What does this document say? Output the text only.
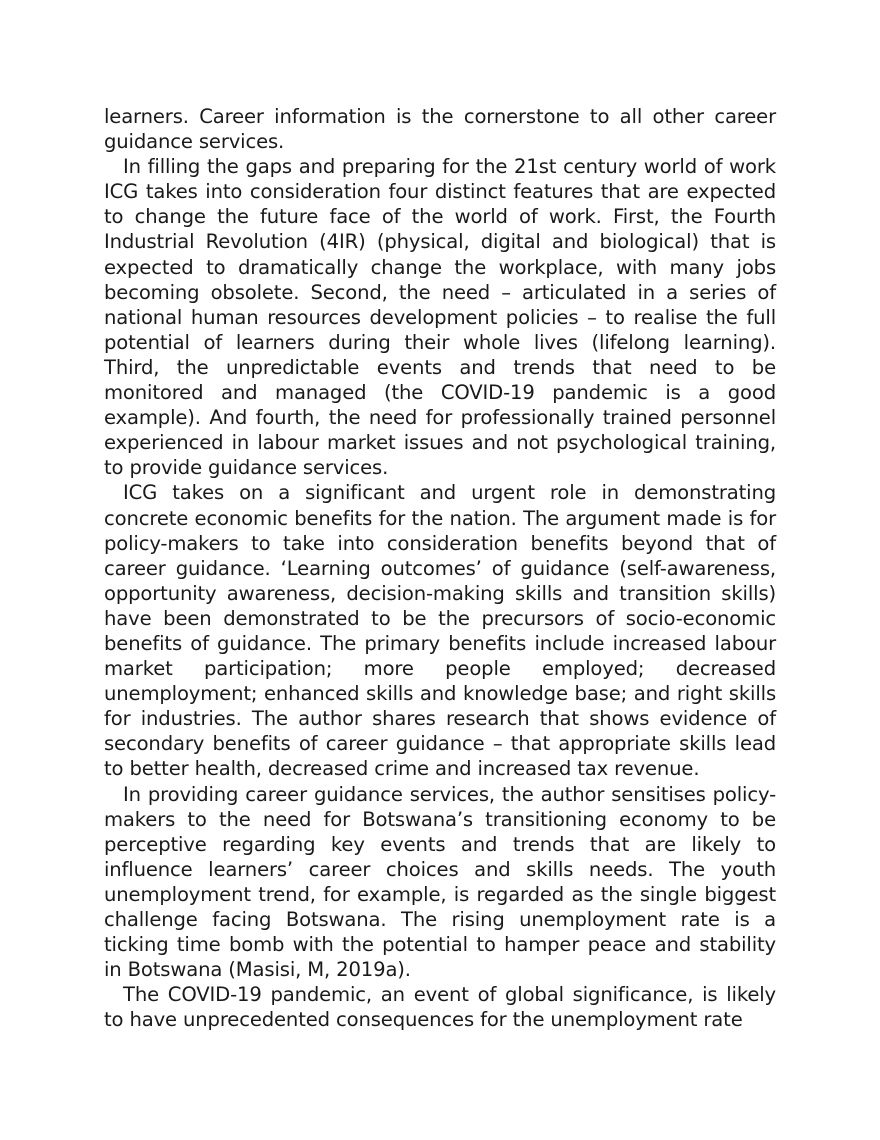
learners. Career information is the cornerstone to all other career guidance services.

In filling the gaps and preparing for the 21st century world of work ICG takes into consideration four distinct features that are expected to change the future face of the world of work. First, the Fourth Industrial Revolution (4IR) (physical, digital and biological) that is expected to dramatically change the workplace, with many jobs becoming obsolete. Second, the need – articulated in a series of national human resources development policies – to realise the full potential of learners during their whole lives (lifelong learning). Third, the unpredictable events and trends that need to be monitored and managed (the COVID-19 pandemic is a good example). And fourth, the need for professionally trained personnel experienced in labour market issues and not psychological training, to provide guidance services.

ICG takes on a significant and urgent role in demonstrating concrete economic benefits for the nation. The argument made is for policy-makers to take into consideration benefits beyond that of career guidance. ‘Learning outcomes’ of guidance (self-awareness, opportunity awareness, decision-making skills and transition skills) have been demonstrated to be the precursors of socio-economic benefits of guidance. The primary benefits include increased labour market participation; more people employed; decreased unemployment; enhanced skills and knowledge base; and right skills for industries. The author shares research that shows evidence of secondary benefits of career guidance – that appropriate skills lead to better health, decreased crime and increased tax revenue.

In providing career guidance services, the author sensitises policy-makers to the need for Botswana’s transitioning economy to be perceptive regarding key events and trends that are likely to influence learners’ career choices and skills needs. The youth unemployment trend, for example, is regarded as the single biggest challenge facing Botswana. The rising unemployment rate is a ticking time bomb with the potential to hamper peace and stability in Botswana (Masisi, M, 2019a).

The COVID-19 pandemic, an event of global significance, is likely to have unprecedented consequences for the unemployment rate
